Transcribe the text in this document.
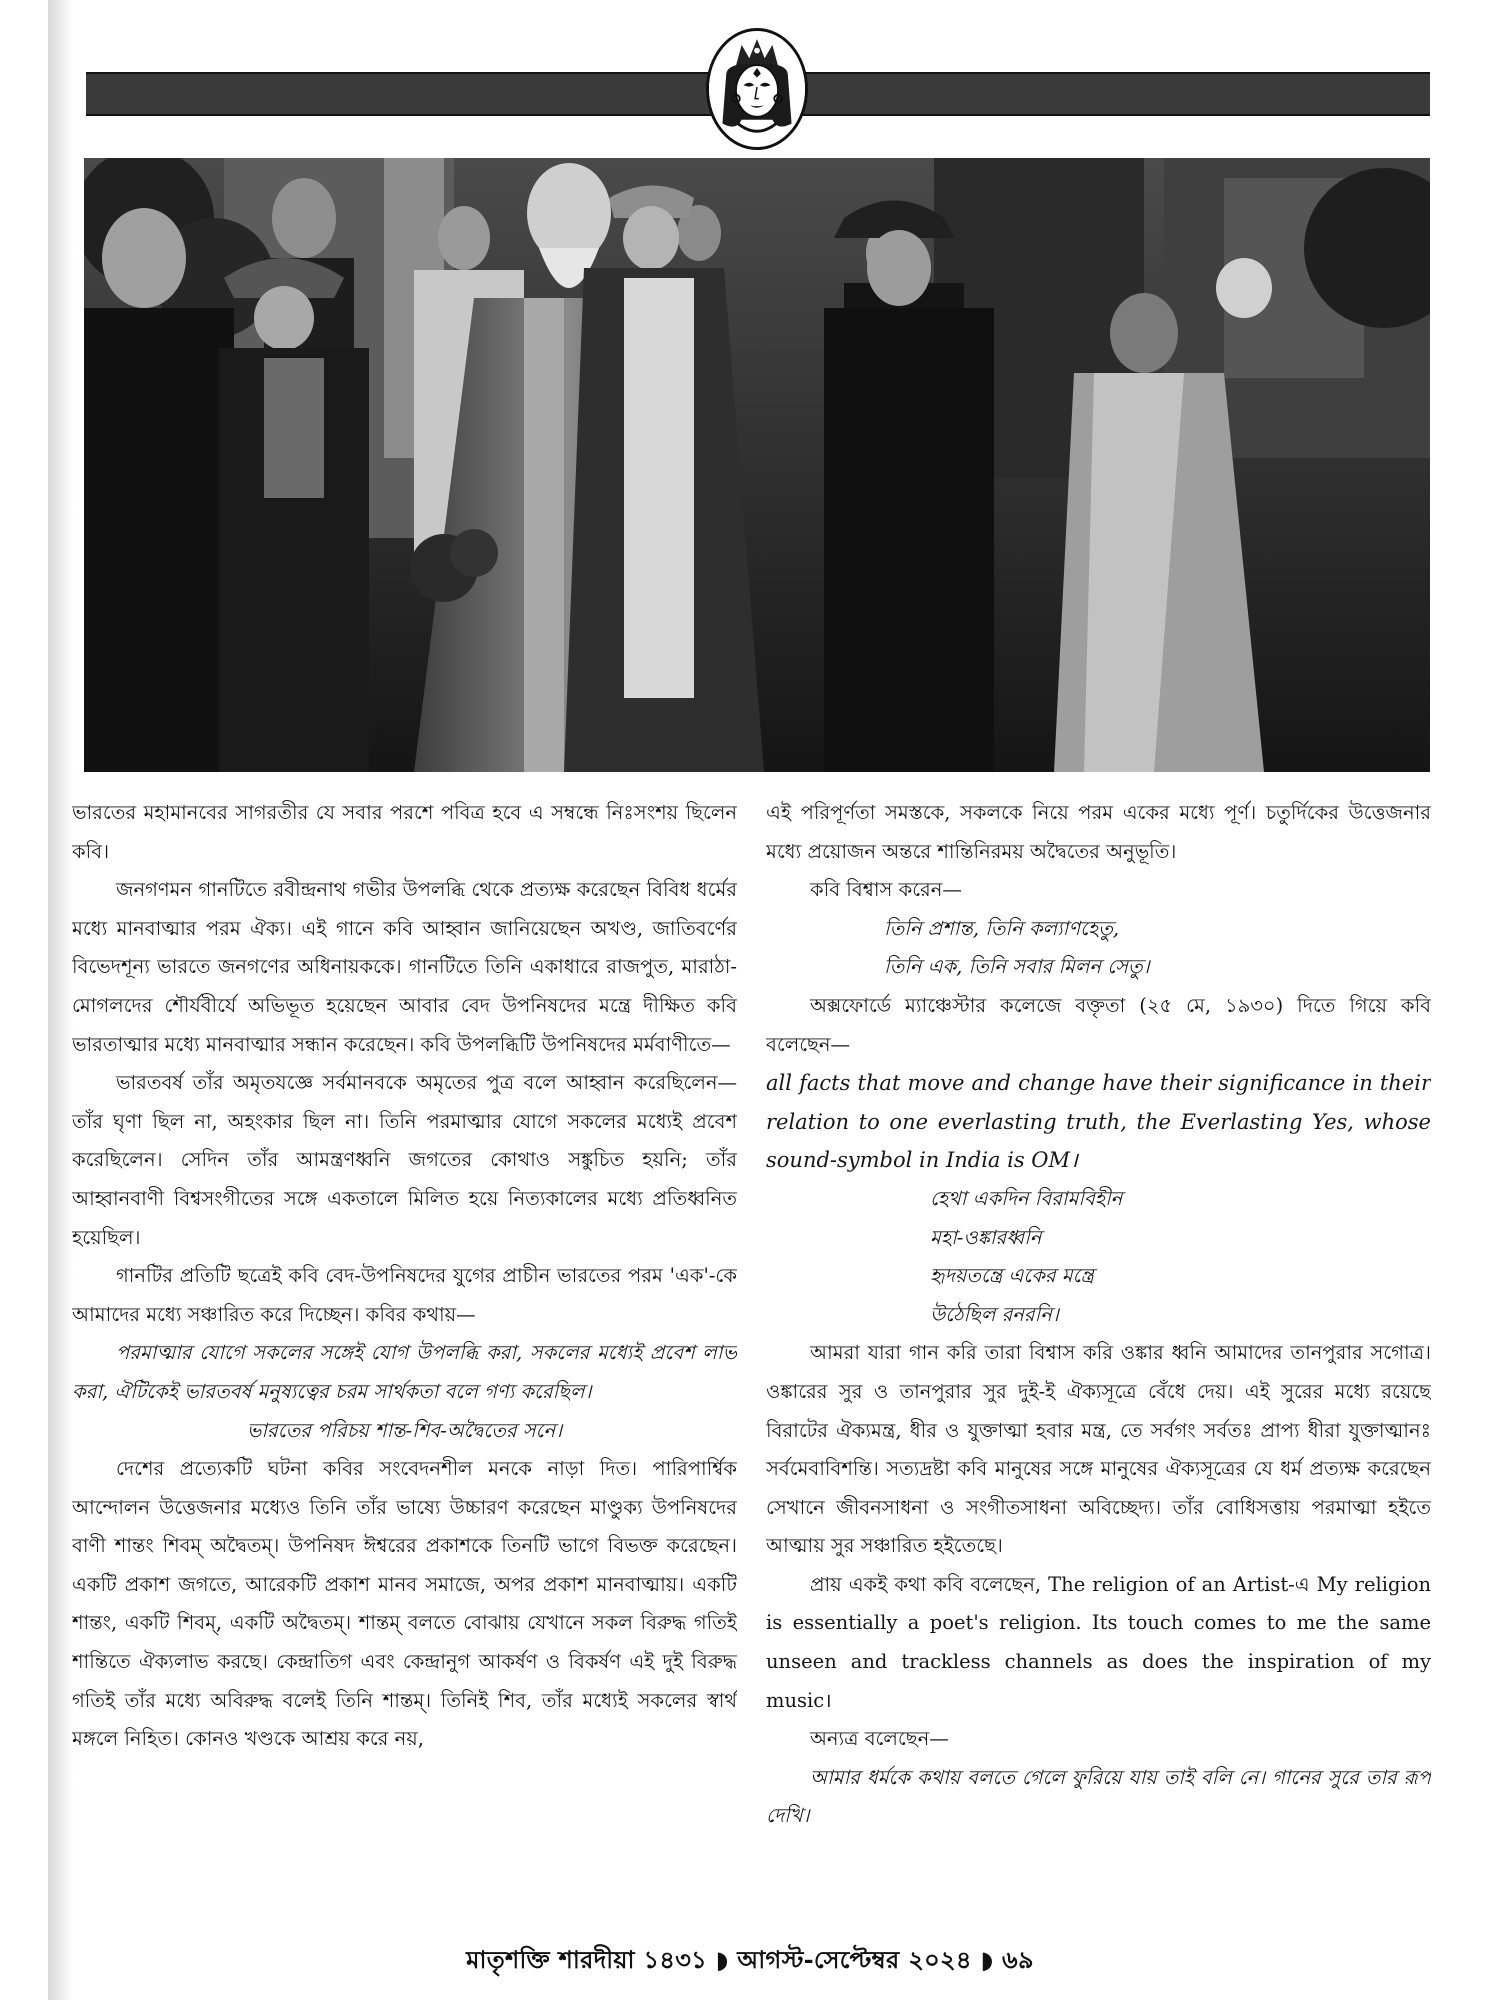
ভারতের মহামানবের সাগরতীর যে সবার পরশে পবিত্র হবে এ সম্বন্ধে নিঃসংশয় ছিলেন কবি।

জনগণমন গানটিতে রবীন্দ্রনাথ গভীর উপলব্ধি থেকে প্রত্যক্ষ করেছেন বিবিধ ধর্মের মধ্যে মানবাত্মার পরম ঐক্য। এই গানে কবি আহ্বান জানিয়েছেন অখণ্ড, জাতিবর্ণের বিভেদশূন্য ভারতে জনগণের অধিনায়ককে। গানটিতে তিনি একাধারে রাজপুত, মারাঠা-মোগলদের শৌর্যবীর্যে অভিভূত হয়েছেন আবার বেদ উপনিষদের মন্ত্রে দীক্ষিত কবি ভারতাত্মার মধ্যে মানবাত্মার সন্ধান করেছেন। কবি উপলব্ধিটি উপনিষদের মর্মবাণীতে—

ভারতবর্ষ তাঁর অমৃতযজ্ঞে সর্বমানবকে অমৃতের পুত্র বলে আহ্বান করেছিলেন— তাঁর ঘৃণা ছিল না, অহংকার ছিল না। তিনি পরমাত্মার যোগে সকলের মধ্যেই প্রবেশ করেছিলেন। সেদিন তাঁর আমন্ত্রণধ্বনি জগতের কোথাও সঙ্কুচিত হয়নি; তাঁর আহ্বানবাণী বিশ্বসংগীতের সঙ্গে একতালে মিলিত হয়ে নিত্যকালের মধ্যে প্রতিধ্বনিত হয়েছিল।

গানটির প্রতিটি ছত্রেই কবি বেদ-উপনিষদের যুগের প্রাচীন ভারতের পরম 'এক'-কে আমাদের মধ্যে সঞ্চারিত করে দিচ্ছেন। কবির কথায়—

পরমাত্মার যোগে সকলের সঙ্গেই যোগ উপলব্ধি করা, সকলের মধ্যেই প্রবেশ লাভ করা, ঐটিকেই ভারতবর্ষ মনুষ্যত্বের চরম সার্থকতা বলে গণ্য করেছিল।

ভারতের পরিচয় শান্ত-শিব-অদ্বৈতের সনে।

দেশের প্রত্যেকটি ঘটনা কবির সংবেদনশীল মনকে নাড়া দিত। পারিপার্শ্বিক আন্দোলন উত্তেজনার মধ্যেও তিনি তাঁর ভাষ্যে উচ্চারণ করেছেন মাণ্ডুক্য উপনিষদের বাণী শান্তং শিবম্ অদ্বৈতম্। উপনিষদ ঈশ্বরের প্রকাশকে তিনটি ভাগে বিভক্ত করেছেন। একটি প্রকাশ জগতে, আরেকটি প্রকাশ মানব সমাজে, অপর প্রকাশ মানবাত্মায়। একটি শান্তং, একটি শিবম্, একটি অদ্বৈতম্। শান্তম্ বলতে বোঝায় যেখানে সকল বিরুদ্ধ গতিই শান্তিতে ঐক্যলাভ করছে। কেন্দ্রাতিগ এবং কেন্দ্রানুগ আকর্ষণ ও বিকর্ষণ এই দুই বিরুদ্ধ গতিই তাঁর মধ্যে অবিরুদ্ধ বলেই তিনি শান্তম্। তিনিই শিব, তাঁর মধ্যেই সকলের স্বার্থ মঙ্গলে নিহিত। কোনও খণ্ডকে আশ্রয় করে নয়,

এই পরিপূর্ণতা সমস্তকে, সকলকে নিয়ে পরম একের মধ্যে পূর্ণ। চতুর্দিকের উত্তেজনার মধ্যে প্রয়োজন অন্তরে শান্তিনিরময় অদ্বৈতের অনুভূতি।

কবি বিশ্বাস করেন—

তিনি প্রশান্ত, তিনি কল্যাণহেতু,

তিনি এক, তিনি সবার মিলন সেতু।

অক্সফোর্ডে ম্যাঞ্চেস্টার কলেজে বক্তৃতা (২৫ মে, ১৯৩০) দিতে গিয়ে কবি বলেছেন—

all facts that move and change have their significance in their relation to one everlasting truth, the Everlasting Yes, whose sound-symbol in India is OM।

হেথা একদিন বিরামবিহীন

মহা-ওঙ্কারধ্বনি

হৃদয়তন্ত্রে একের মন্ত্রে

উঠেছিল রনরনি।

আমরা যারা গান করি তারা বিশ্বাস করি ওঙ্কার ধ্বনি আমাদের তানপুরার সগোত্র। ওঙ্কারের সুর ও তানপুরার সুর দুই-ই ঐক্যসূত্রে বেঁধে দেয়। এই সুরের মধ্যে রয়েছে বিরাটের ঐক্যমন্ত্র, ধীর ও যুক্তাত্মা হবার মন্ত্র, তে সর্বগং সর্বতঃ প্রাপ্য ধীরা যুক্তাত্মানঃ সর্বমেবাবিশন্তি। সত্যদ্রষ্টা কবি মানুষের সঙ্গে মানুষের ঐক্যসূত্রের যে ধর্ম প্রত্যক্ষ করেছেন সেখানে জীবনসাধনা ও সংগীতসাধনা অবিচ্ছেদ্য। তাঁর বোধিসত্তায় পরমাত্মা হইতে আত্মায় সুর সঞ্চারিত হইতেছে।

প্রায় একই কথা কবি বলেছেন, The religion of an Artist-এ My religion is essentially a poet's religion. Its touch comes to me the same unseen and trackless channels as does the inspiration of my music।

অন্যত্র বলেছেন—

আমার ধর্মকে কথায় বলতে গেলে ফুরিয়ে যায় তাই বলি নে। গানের সুরে তার রূপ দেখি।

মাতৃশক্তি শারদীয়া ১৪৩১ ◗ আগস্ট-সেপ্টেম্বর ২০২৪ ◗ ৬৯
